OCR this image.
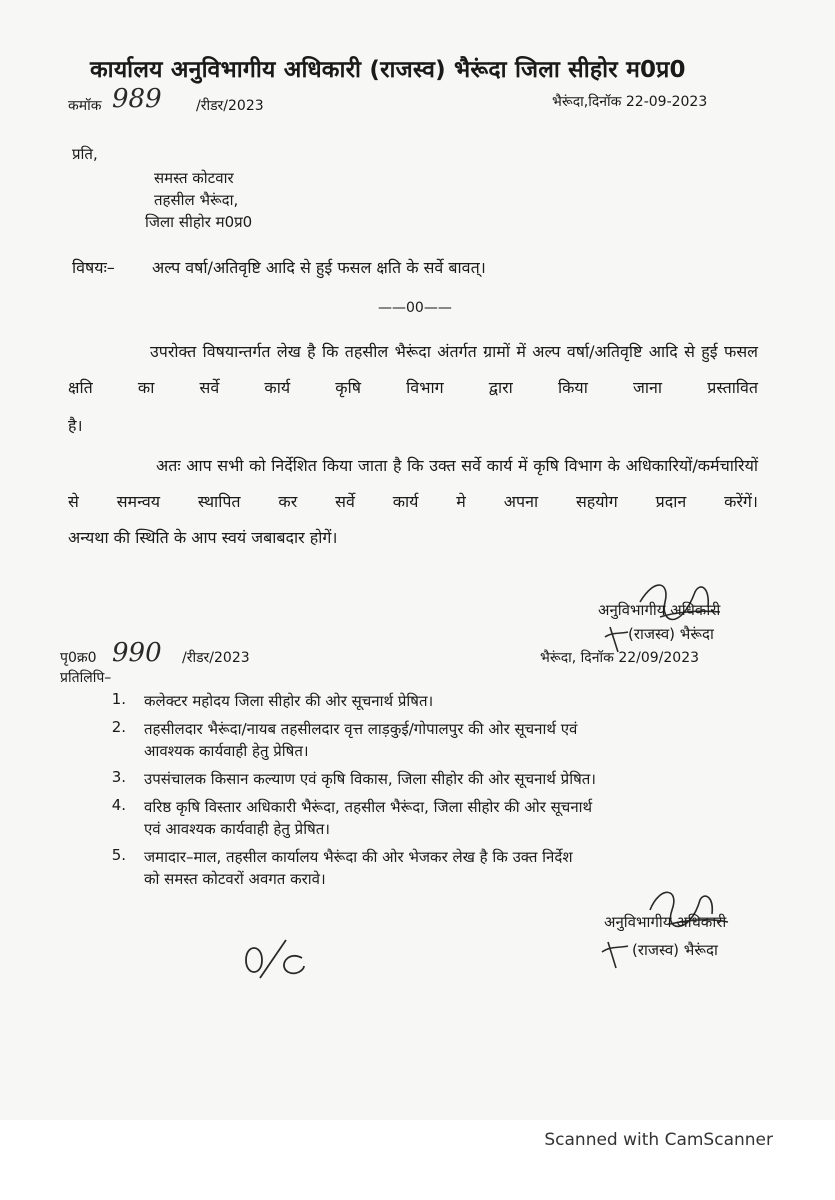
कार्यालय अनुविभागीय अधिकारी (राजस्व) भैरूंदा जिला सीहोर म0प्र0
कमॉक 989 /रीडर/2023	भैरूंदा,दिनॉक 22-09-2023
प्रति,
समस्त कोटवार
तहसील भैरूंदा,
जिला सीहोर म0प्र0
विषयः– अल्प वर्षा/अतिवृष्टि आदि से हुई फसल क्षति के सर्वे बावत्।
——00——
उपरोक्त विषयान्तर्गत लेख है कि तहसील भैरूंदा अंतर्गत ग्रामों में अल्प वर्षा/अतिवृष्टि आदि से हुई फसल क्षति का सर्वे कार्य कृषि विभाग द्वारा किया जाना प्रस्तावित
है।
अतः आप सभी को निर्देशित किया जाता है कि उक्त सर्वे कार्य में कृषि विभाग के अधिकारियों/कर्मचारियों से समन्वय स्थापित कर सर्वे कार्य मे अपना सहयोग प्रदान करेंगें।
अन्यथा की स्थिति के आप स्वयं जबाबदार होगें।
अनुविभागीय अधिकारी
(राजस्व) भैरूंदा
पृ0क्र0 990 /रीडर/2023	भैरूंदा, दिनॉक 22/09/2023
प्रतिलिपि–
1. कलेक्टर महोदय जिला सीहोर की ओर सूचनार्थ प्रेषित।
2. तहसीलदार भैरूंदा/नायब तहसीलदार वृत्त लाड़कुई/गोपालपुर की ओर सूचनार्थ एवं
आवश्यक कार्यवाही हेतु प्रेषित।
3. उपसंचालक किसान कल्याण एवं कृषि विकास, जिला सीहोर की ओर सूचनार्थ प्रेषित।
4. वरिष्ठ कृषि विस्तार अधिकारी भैरूंदा, तहसील भैरूंदा, जिला सीहोर की ओर सूचनार्थ
एवं आवश्यक कार्यवाही हेतु प्रेषित।
5. जमादार–माल, तहसील कार्यालय भैरूंदा की ओर भेजकर लेख है कि उक्त निर्देश
को समस्त कोटवरों अवगत करावे।
अनुविभागीय अधिकारी
(राजस्व) भैरूंदा
Scanned with CamScanner
